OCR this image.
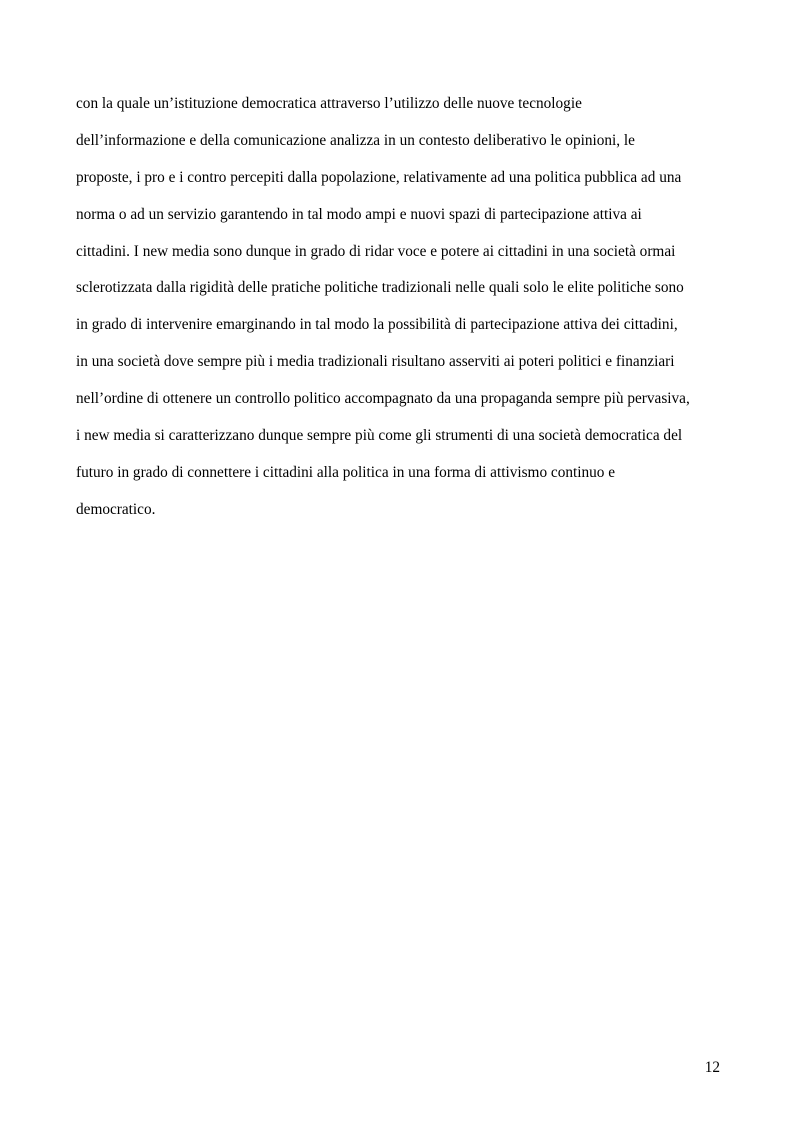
con la quale un’istituzione democratica attraverso l’utilizzo delle nuove tecnologie
dell’informazione e della comunicazione analizza in un contesto deliberativo le opinioni, le
proposte, i pro e i contro percepiti dalla popolazione, relativamente ad una politica pubblica ad una
norma o ad un servizio garantendo in tal modo ampi e nuovi spazi di partecipazione attiva ai
cittadini. I new media sono dunque in grado di ridar voce e potere ai cittadini in una società ormai
sclerotizzata dalla rigidità delle pratiche politiche tradizionali nelle quali solo le elite politiche sono
in grado di intervenire emarginando in tal modo la possibilità di partecipazione attiva dei cittadini,
in una società dove sempre più i media tradizionali risultano asserviti ai poteri politici e finanziari
nell’ordine di ottenere un controllo politico accompagnato da una propaganda sempre più pervasiva,
i new media si caratterizzano dunque sempre più come gli strumenti di una società democratica del
futuro in grado di connettere i cittadini alla politica in una forma di attivismo continuo e
democratico.
12
